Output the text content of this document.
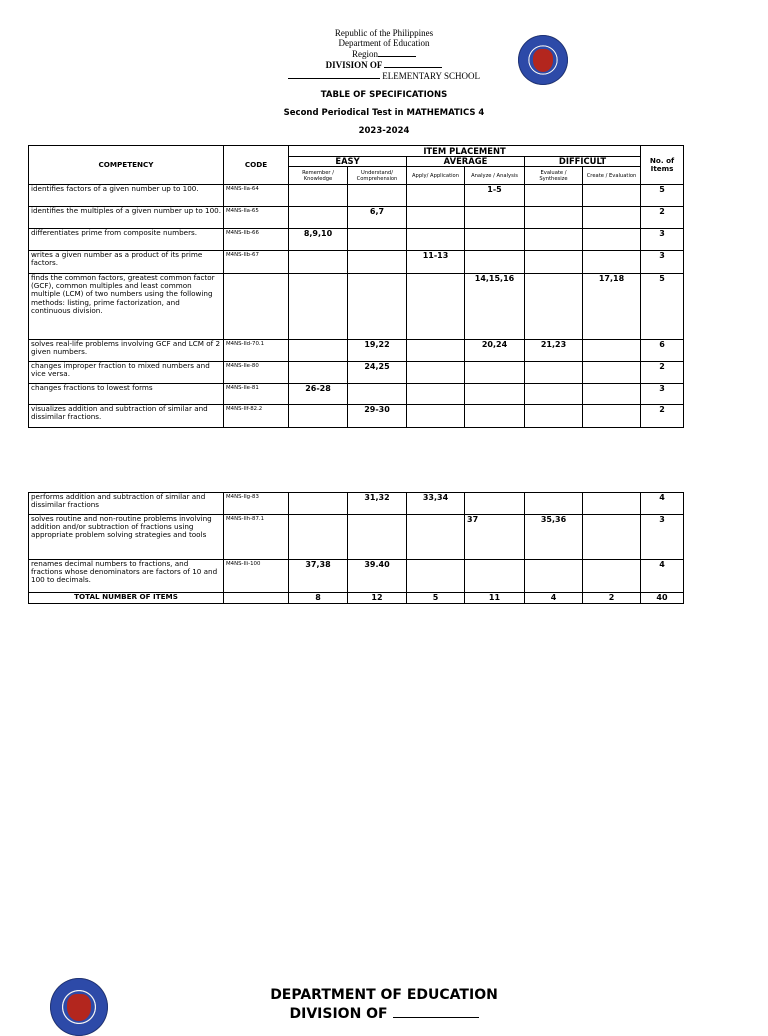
Republic of the Philippines
Department of Education
Region
DIVISION OF
ELEMENTARY SCHOOL
TABLE OF SPECIFICATIONS
Second Periodical Test in MATHEMATICS 4
2023-2024
COMPETENCY	CODE	ITEM PLACEMENT						No. of Items
		EASY		AVERAGE		DIFFICULT		
		Remember / Knowledge	Understand/ Comprehension	Apply/ Application	Analyze / Analysis	Evaluate / Synthesize	Create / Evaluation	
identifies factors of a given number up to 100.	M4NS-IIa-64				1-5			5
identifies the multiples of a given number up to 100.	M4NS-IIa-65		6,7					2
differentiates prime from composite numbers.	M4NS-IIb-66	8,9,10						3
writes a given number as a product of its prime factors.	M4NS-IIb-67			11-13				3
finds the common factors, greatest common factor (GCF), common multiples and least common multiple (LCM) of two numbers using the following methods: listing, prime factorization, and continuous division.					14,15,16		17,18	5
solves real-life problems involving GCF and LCM of 2 given numbers.	M4NS-IId-70.1		19,22		20,24	21,23		6
changes improper fraction to mixed numbers and vice versa.	M4NS-IIe-80		24,25					2
changes fractions to lowest forms	M4NS-IIe-81	26-28						3
visualizes addition and subtraction of similar and dissimilar fractions.	M4NS-IIf-82.2		29-30					2
performs addition and subtraction of similar and dissimilar fractions	M4NS-IIg-83		31,32	33,34				4
solves routine and non-routine problems involving addition and/or subtraction of fractions using appropriate problem solving strategies and tools	M4NS-IIh-87.1				37	35,36		3
renames decimal numbers to fractions, and fractions whose denominators are factors of 10 and 100 to decimals.	M4NS-IIi-100	37,38	39.40					4
TOTAL NUMBER OF ITEMS		8	12	5	11	4	2	40
DEPARTMENT OF EDUCATION
DIVISION OF
